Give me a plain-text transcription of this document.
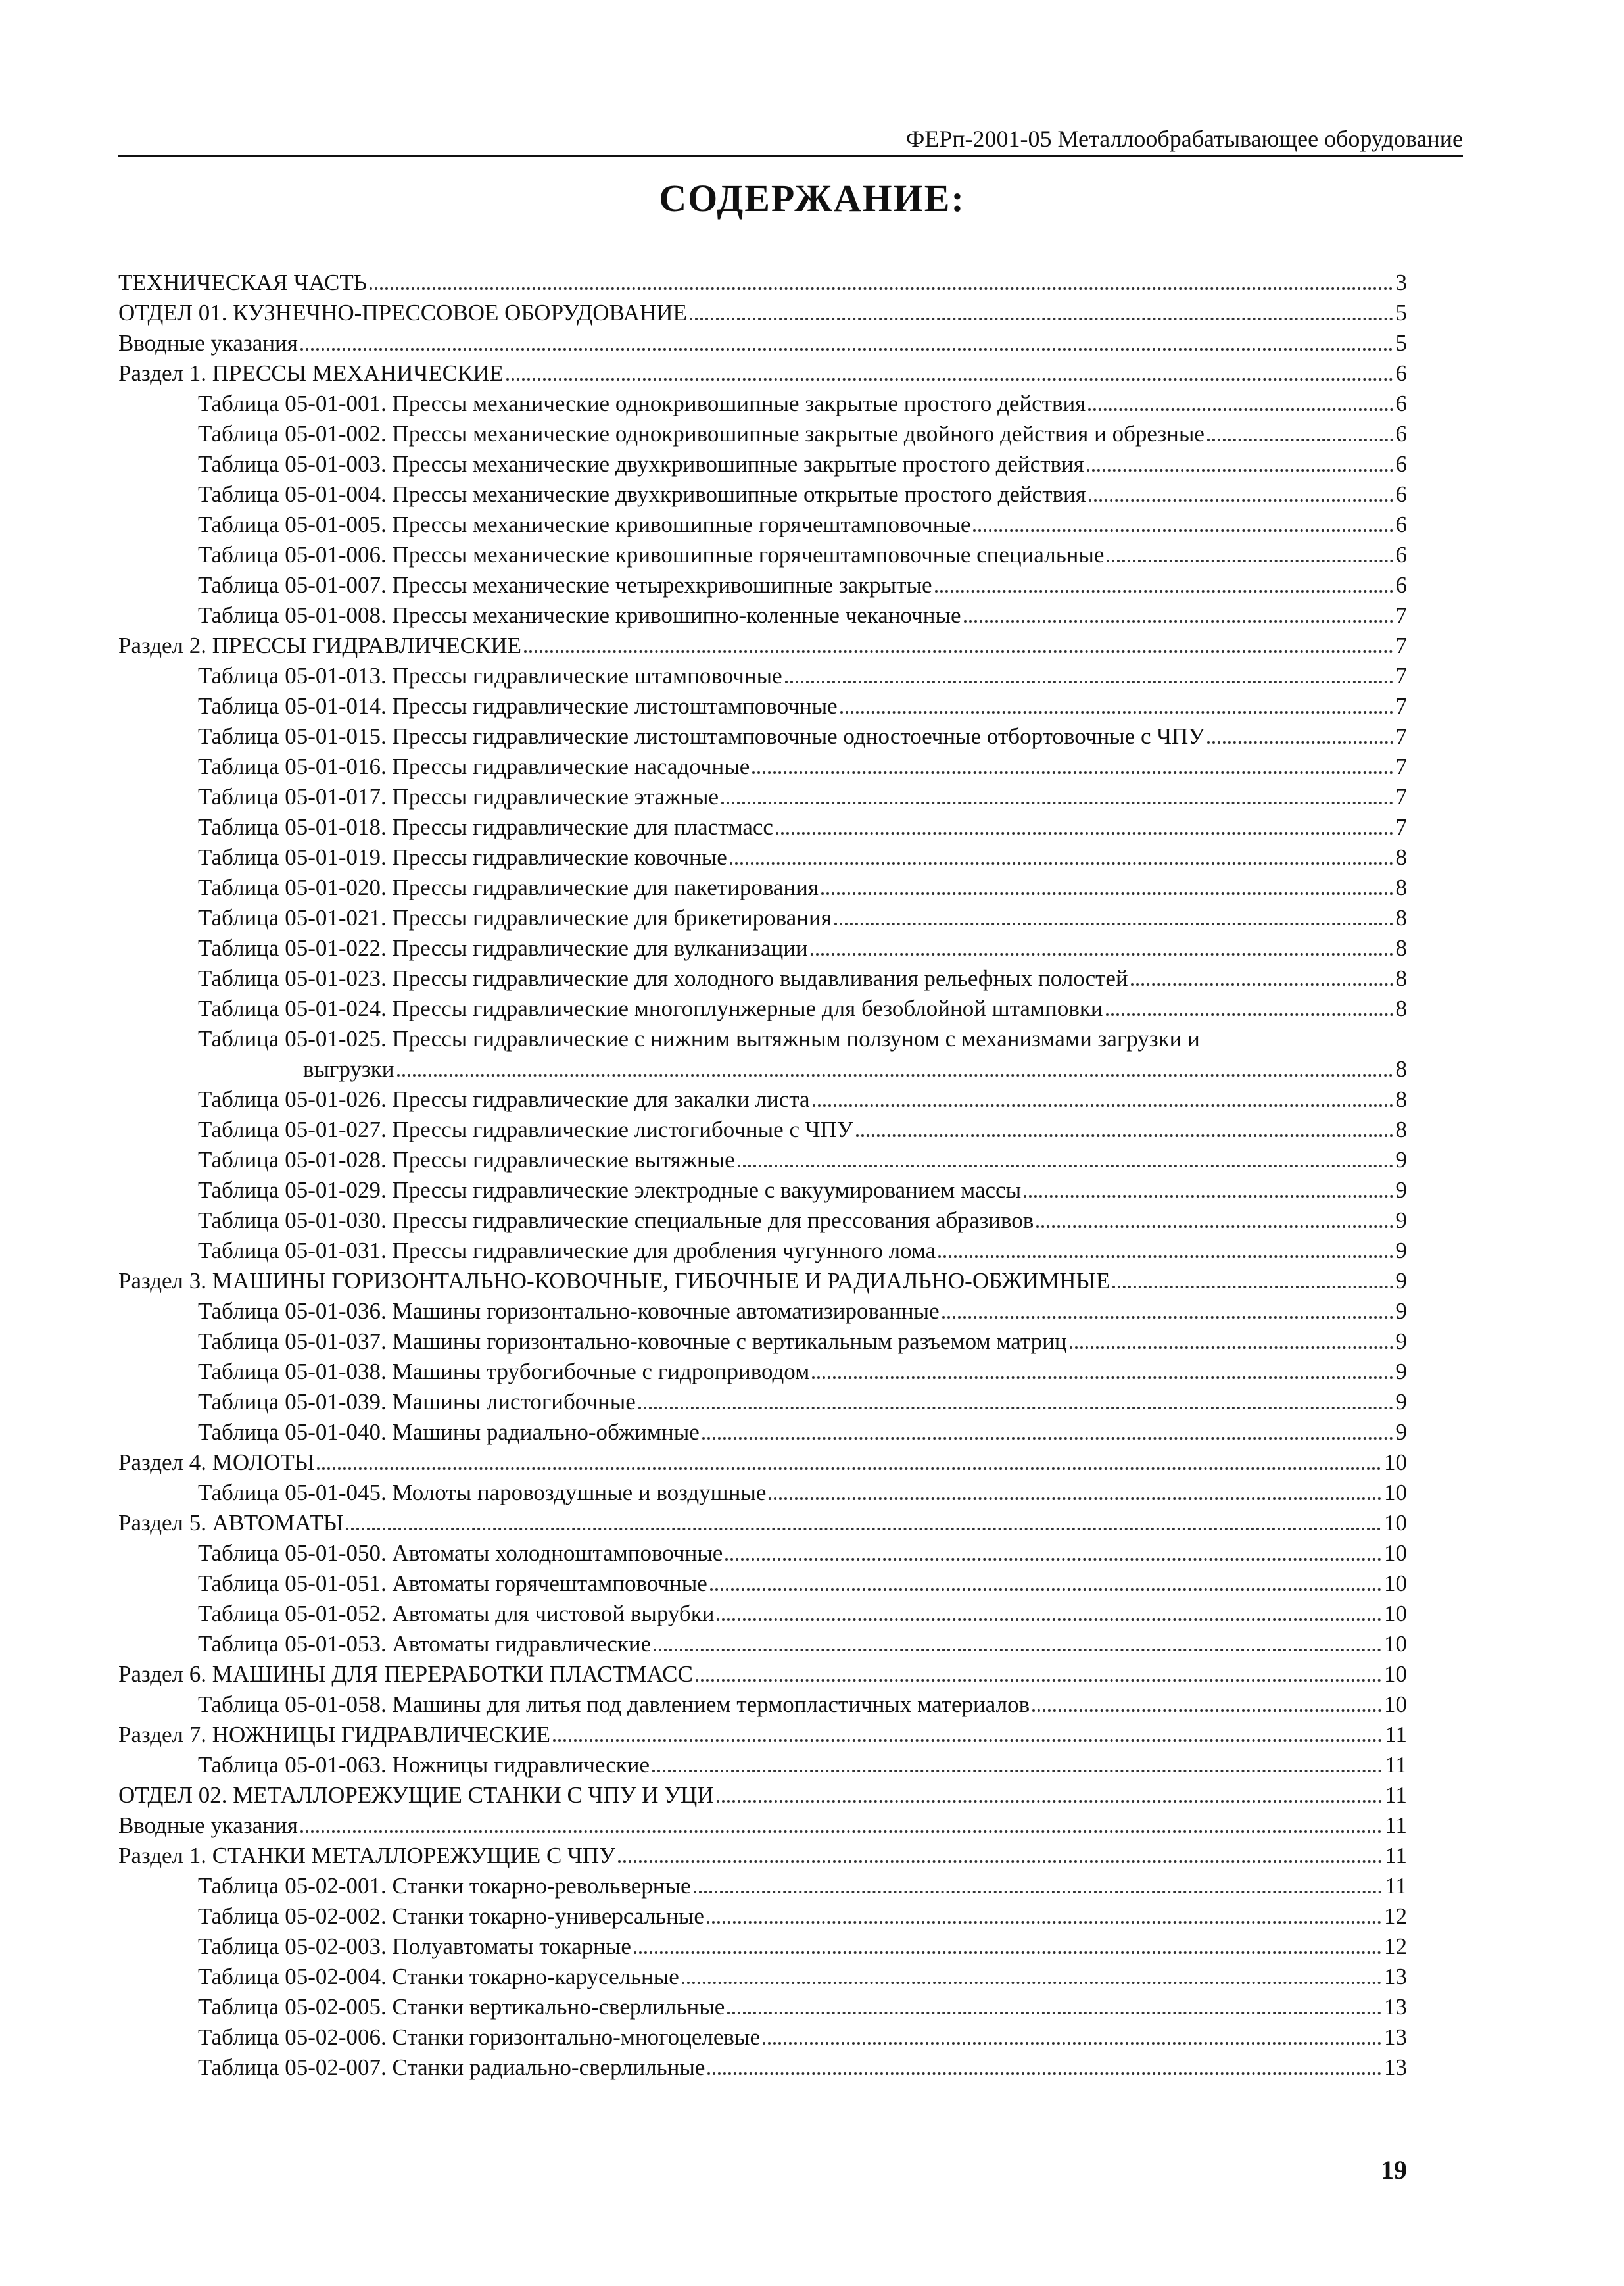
ФЕРп-2001-05 Металлообрабатывающее оборудование
СОДЕРЖАНИЕ:
ТЕХНИЧЕСКАЯ ЧАСТЬ	3
ОТДЕЛ 01. КУЗНЕЧНО-ПРЕССОВОЕ ОБОРУДОВАНИЕ	5
Вводные указания	5
Раздел 1. ПРЕССЫ МЕХАНИЧЕСКИЕ	6
Таблица 05-01-001. Прессы механические однокривошипные закрытые простого действия	6
Таблица 05-01-002. Прессы механические однокривошипные закрытые двойного действия и обрезные	6
Таблица 05-01-003. Прессы механические двухкривошипные закрытые простого действия	6
Таблица 05-01-004. Прессы механические двухкривошипные открытые простого действия	6
Таблица 05-01-005. Прессы механические кривошипные горячештамповочные	6
Таблица 05-01-006. Прессы механические кривошипные горячештамповочные специальные	6
Таблица 05-01-007. Прессы механические четырехкривошипные закрытые	6
Таблица 05-01-008. Прессы механические кривошипно-коленные чеканочные	7
Раздел 2. ПРЕССЫ ГИДРАВЛИЧЕСКИЕ	7
Таблица 05-01-013. Прессы гидравлические штамповочные	7
Таблица 05-01-014. Прессы гидравлические листоштамповочные	7
Таблица 05-01-015. Прессы гидравлические листоштамповочные одностоечные отбортовочные с ЧПУ	7
Таблица 05-01-016. Прессы гидравлические насадочные	7
Таблица 05-01-017. Прессы гидравлические этажные	7
Таблица 05-01-018. Прессы гидравлические для пластмасс	7
Таблица 05-01-019. Прессы гидравлические ковочные	8
Таблица 05-01-020. Прессы гидравлические для пакетирования	8
Таблица 05-01-021. Прессы гидравлические для брикетирования	8
Таблица 05-01-022. Прессы гидравлические для вулканизации	8
Таблица 05-01-023. Прессы гидравлические для холодного выдавливания рельефных полостей	8
Таблица 05-01-024. Прессы гидравлические многоплунжерные для безоблойной штамповки	8
Таблица 05-01-025. Прессы гидравлические с нижним вытяжным ползуном с механизмами загрузки и
выгрузки	8
Таблица 05-01-026. Прессы гидравлические для закалки листа	8
Таблица 05-01-027. Прессы гидравлические листогибочные с ЧПУ	8
Таблица 05-01-028. Прессы гидравлические вытяжные	9
Таблица 05-01-029. Прессы гидравлические электродные с вакуумированием массы	9
Таблица 05-01-030. Прессы гидравлические специальные для прессования абразивов	9
Таблица 05-01-031. Прессы гидравлические для дробления чугунного лома	9
Раздел 3. МАШИНЫ ГОРИЗОНТАЛЬНО-КОВОЧНЫЕ, ГИБОЧНЫЕ И РАДИАЛЬНО-ОБЖИМНЫЕ	9
Таблица 05-01-036. Машины горизонтально-ковочные автоматизированные	9
Таблица 05-01-037. Машины горизонтально-ковочные с вертикальным разъемом матриц	9
Таблица 05-01-038. Машины трубогибочные с гидроприводом	9
Таблица 05-01-039. Машины листогибочные	9
Таблица 05-01-040. Машины радиально-обжимные	9
Раздел 4. МОЛОТЫ	10
Таблица 05-01-045. Молоты паровоздушные и воздушные	10
Раздел 5. АВТОМАТЫ	10
Таблица 05-01-050. Автоматы холодноштамповочные	10
Таблица 05-01-051. Автоматы горячештамповочные	10
Таблица 05-01-052. Автоматы для чистовой вырубки	10
Таблица 05-01-053. Автоматы гидравлические	10
Раздел 6. МАШИНЫ ДЛЯ ПЕРЕРАБОТКИ ПЛАСТМАСС	10
Таблица 05-01-058. Машины для литья под давлением термопластичных материалов	10
Раздел 7. НОЖНИЦЫ ГИДРАВЛИЧЕСКИЕ	11
Таблица 05-01-063. Ножницы гидравлические	11
ОТДЕЛ 02. МЕТАЛЛОРЕЖУЩИЕ СТАНКИ С ЧПУ И УЦИ	11
Вводные указания	11
Раздел 1. СТАНКИ МЕТАЛЛОРЕЖУЩИЕ С ЧПУ	11
Таблица 05-02-001. Станки токарно-револьверные	11
Таблица 05-02-002. Станки токарно-универсальные	12
Таблица 05-02-003. Полуавтоматы токарные	12
Таблица 05-02-004. Станки токарно-карусельные	13
Таблица 05-02-005. Станки вертикально-сверлильные	13
Таблица 05-02-006. Станки горизонтально-многоцелевые	13
Таблица 05-02-007. Станки радиально-сверлильные	13
19
